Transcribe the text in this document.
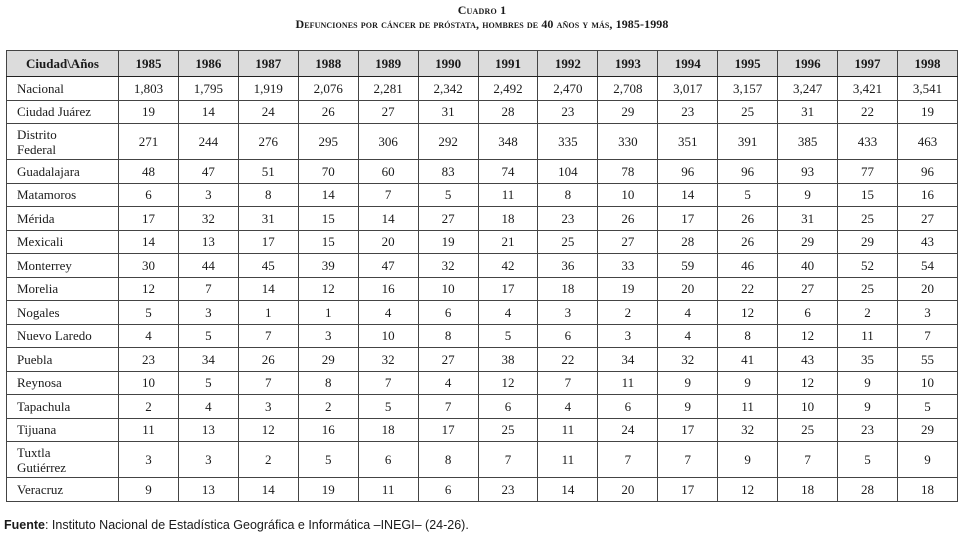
Cuadro 1
Defunciones por cáncer de próstata, hombres de 40 años y más, 1985-1998
Ciudad\Años	1985	1986	1987	1988	1989	1990	1991	1992	1993	1994	1995	1996	1997	1998
Nacional	1,803	1,795	1,919	2,076	2,281	2,342	2,492	2,470	2,708	3,017	3,157	3,247	3,421	3,541
Ciudad Juárez	19	14	24	26	27	31	28	23	29	23	25	31	22	19
Distrito
Federal	271	244	276	295	306	292	348	335	330	351	391	385	433	463
Guadalajara	48	47	51	70	60	83	74	104	78	96	96	93	77	96
Matamoros	6	3	8	14	7	5	11	8	10	14	5	9	15	16
Mérida	17	32	31	15	14	27	18	23	26	17	26	31	25	27
Mexicali	14	13	17	15	20	19	21	25	27	28	26	29	29	43
Monterrey	30	44	45	39	47	32	42	36	33	59	46	40	52	54
Morelia	12	7	14	12	16	10	17	18	19	20	22	27	25	20
Nogales	5	3	1	1	4	6	4	3	2	4	12	6	2	3
Nuevo Laredo	4	5	7	3	10	8	5	6	3	4	8	12	11	7
Puebla	23	34	26	29	32	27	38	22	34	32	41	43	35	55
Reynosa	10	5	7	8	7	4	12	7	11	9	9	12	9	10
Tapachula	2	4	3	2	5	7	6	4	6	9	11	10	9	5
Tijuana	11	13	12	16	18	17	25	11	24	17	32	25	23	29
Tuxtla
Gutiérrez	3	3	2	5	6	8	7	11	7	7	9	7	5	9
Veracruz	9	13	14	19	11	6	23	14	20	17	12	18	28	18
Fuente: Instituto Nacional de Estadística Geográfica e Informática –INEGI– (24-26).
